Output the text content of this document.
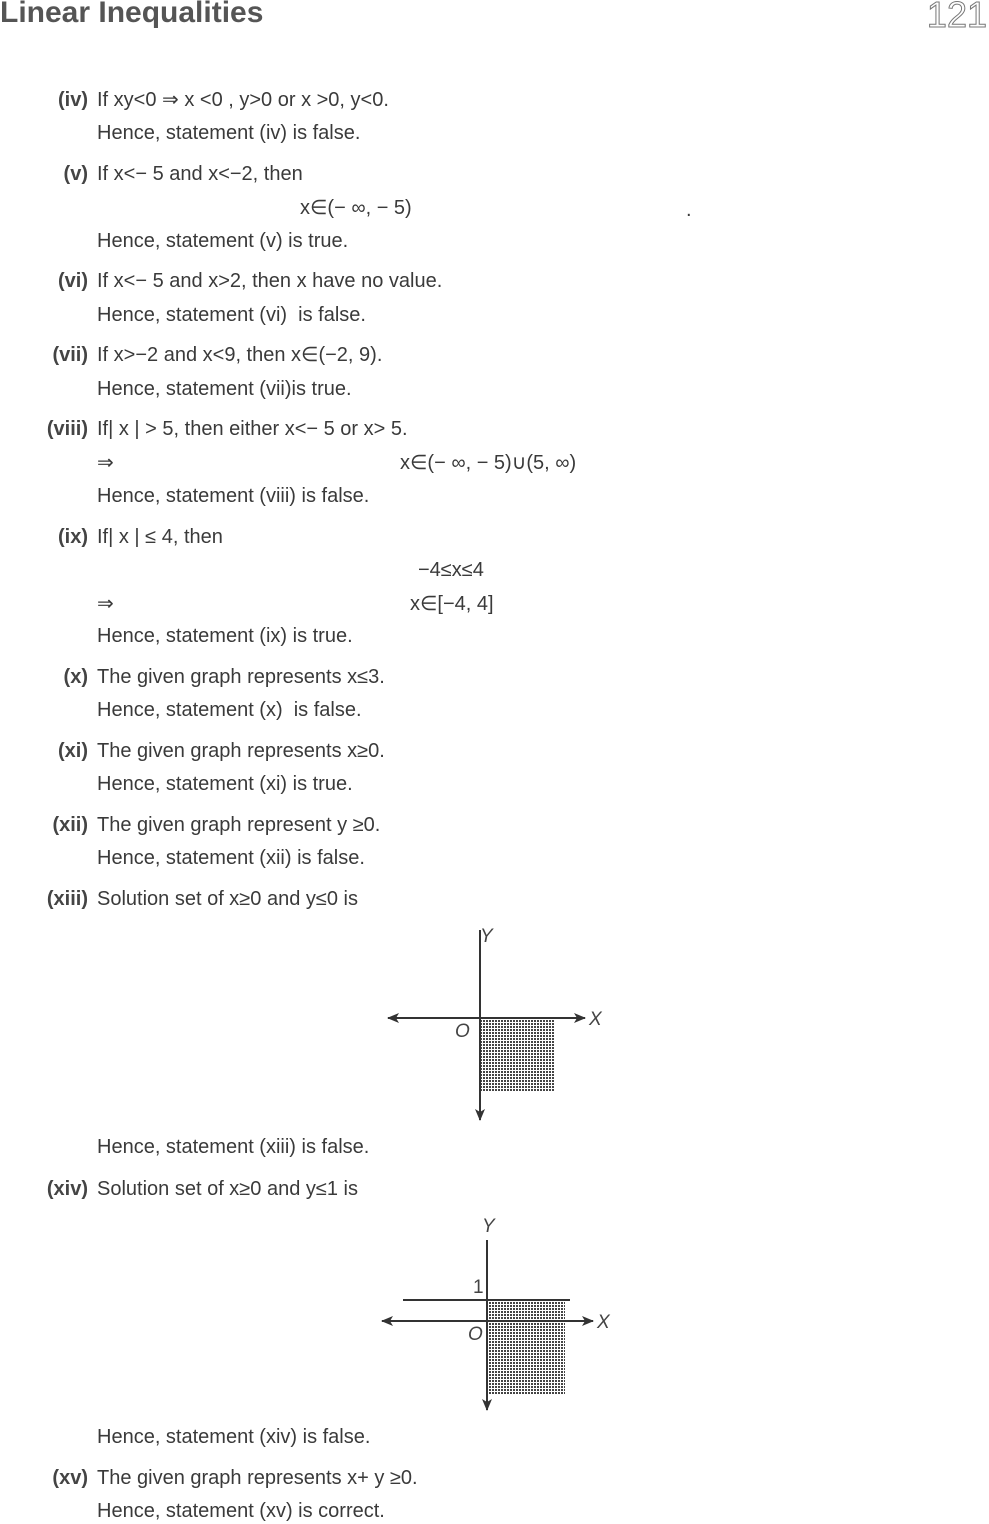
Linear Inequalities	121
(iv) If xy<0 ⇒ x <0 , y>0 or x >0, y<0.
Hence, statement (iv) is false.
(v) If x<− 5 and x<−2, then
x∈(− ∞, − 5)	.
Hence, statement (v) is true.
(vi) If x<− 5 and x>2, then x have no value.
Hence, statement (vi)  is false.
(vii) If x>−2 and x<9, then x∈(−2, 9).
Hence, statement (vii)is true.
(viii) If| x | > 5, then either x<− 5 or x> 5.
⇒	x∈(− ∞, − 5)∪(5, ∞)
Hence, statement (viii) is false.
(ix) If| x | ≤ 4, then
−4≤x≤4
⇒	x∈[−4, 4]
Hence, statement (ix) is true.
(x) The given graph represents x≤3.
Hence, statement (x)  is false.
(xi) The given graph represents x≥0.
Hence, statement (xi) is true.
(xii) The given graph represent y ≥0.
Hence, statement (xii) is false.
(xiii) Solution set of x≥0 and y≤0 is
Hence, statement (xiii) is false.
(xiv) Solution set of x≥0 and y≤1 is
Hence, statement (xiv) is false.
(xv) The given graph represents x+ y ≥0.
Hence, statement (xv) is correct.
Y
X
O
Y
X
O
1
